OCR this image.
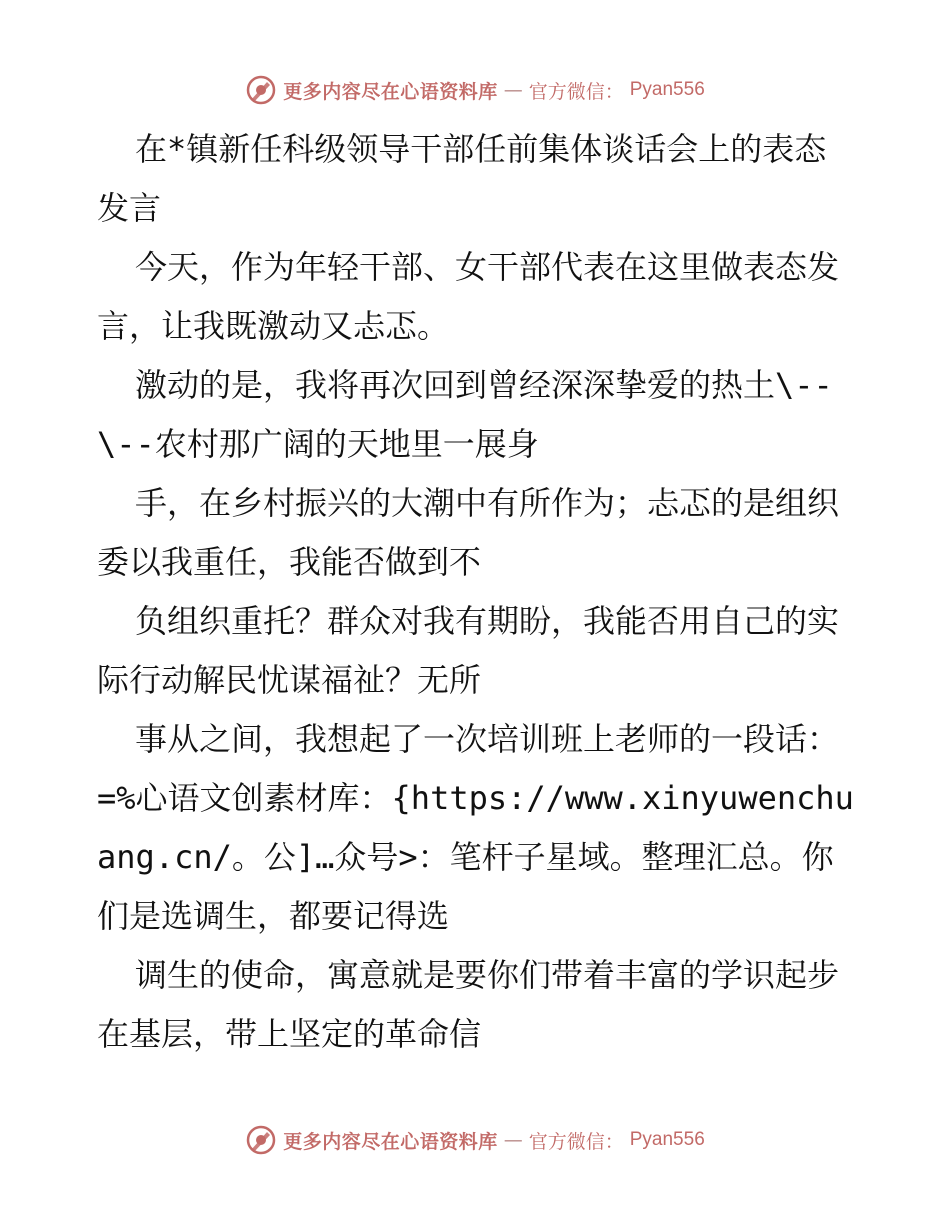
更多内容尽在心语资料库 — 官方微信： Pyan556

在*镇新任科级领导干部任前集体谈话会上的表态发言

今天，作为年轻干部、女干部代表在这里做表态发言，让我既激动又忐忑。

激动的是，我将再次回到曾经深深挚爱的热土\--\--农村那广阔的天地里一展身

手，在乡村振兴的大潮中有所作为；忐忑的是组织委以我重任，我能否做到不

负组织重托？群众对我有期盼，我能否用自己的实际行动解民忧谋福祉？无所

事从之间，我想起了一次培训班上老师的一段话：=%心语文创素材库：{https://www.xinyuwenchuang.cn/。公]…众号>：笔杆子星域。整理汇总。你们是选调生，都要记得选

调生的使命，寓意就是要你们带着丰富的学识起步在基层，带上坚定的革命信

更多内容尽在心语资料库 — 官方微信： Pyan556
